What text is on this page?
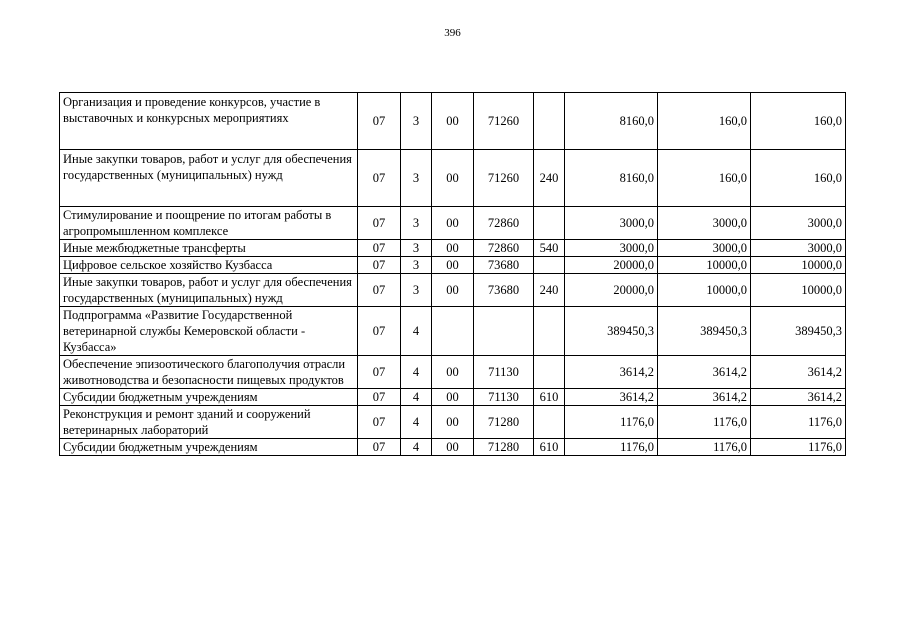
396
Организация и проведение конкурсов, участие в выставочных и конкурсных мероприятиях	07	3	00	71260		8160,0	160,0	160,0
Иные закупки товаров, работ и услуг для обеспечения государственных (муниципальных) нужд	07	3	00	71260	240	8160,0	160,0	160,0
Стимулирование и поощрение по итогам работы в агропромышленном комплексе	07	3	00	72860		3000,0	3000,0	3000,0
Иные межбюджетные трансферты	07	3	00	72860	540	3000,0	3000,0	3000,0
Цифровое сельское хозяйство Кузбасса	07	3	00	73680		20000,0	10000,0	10000,0
Иные закупки товаров, работ и услуг для обеспечения государственных (муниципальных) нужд	07	3	00	73680	240	20000,0	10000,0	10000,0
Подпрограмма «Развитие Государственной ветеринарной службы Кемеровской области - Кузбасса»	07	4				389450,3	389450,3	389450,3
Обеспечение эпизоотического благополучия отрасли животноводства и безопасности пищевых продуктов	07	4	00	71130		3614,2	3614,2	3614,2
Субсидии бюджетным учреждениям	07	4	00	71130	610	3614,2	3614,2	3614,2
Реконструкция и ремонт зданий и сооружений ветеринарных лабораторий	07	4	00	71280		1176,0	1176,0	1176,0
Субсидии бюджетным учреждениям	07	4	00	71280	610	1176,0	1176,0	1176,0
